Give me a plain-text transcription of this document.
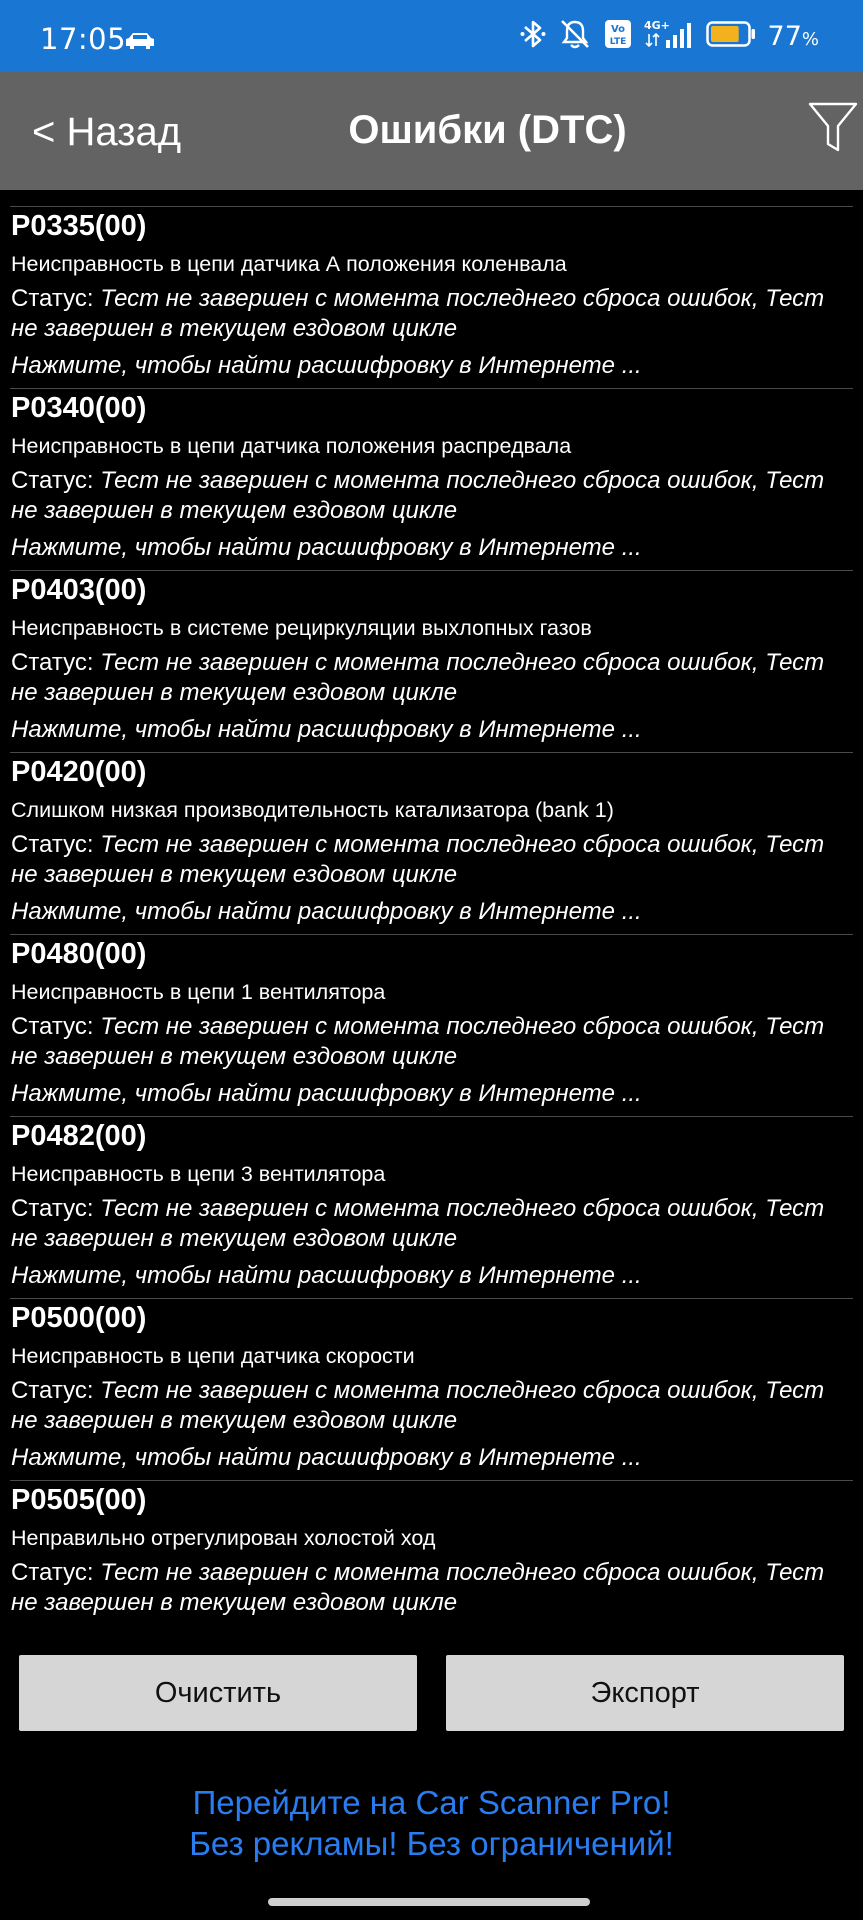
17:05	Vo
LTE
4G+	77%
< Назад	Ошибки (DTC)
P0335(00)
Неисправность в цепи датчика А положения коленвала
Статус: Тест не завершен с момента последнего сброса ошибок, Тест не завершен в текущем ездовом цикле
Нажмите, чтобы найти расшифровку в Интернете ...
P0340(00)
Неисправность в цепи датчика положения распредвала
Статус: Тест не завершен с момента последнего сброса ошибок, Тест не завершен в текущем ездовом цикле
Нажмите, чтобы найти расшифровку в Интернете ...
P0403(00)
Неисправность в системе рециркуляции выхлопных газов
Статус: Тест не завершен с момента последнего сброса ошибок, Тест не завершен в текущем ездовом цикле
Нажмите, чтобы найти расшифровку в Интернете ...
P0420(00)
Слишком низкая производительность катализатора (bank 1)
Статус: Тест не завершен с момента последнего сброса ошибок, Тест не завершен в текущем ездовом цикле
Нажмите, чтобы найти расшифровку в Интернете ...
P0480(00)
Неисправность в цепи 1 вентилятора
Статус: Тест не завершен с момента последнего сброса ошибок, Тест не завершен в текущем ездовом цикле
Нажмите, чтобы найти расшифровку в Интернете ...
P0482(00)
Неисправность в цепи 3 вентилятора
Статус: Тест не завершен с момента последнего сброса ошибок, Тест не завершен в текущем ездовом цикле
Нажмите, чтобы найти расшифровку в Интернете ...
P0500(00)
Неисправность в цепи датчика скорости
Статус: Тест не завершен с момента последнего сброса ошибок, Тест не завершен в текущем ездовом цикле
Нажмите, чтобы найти расшифровку в Интернете ...
P0505(00)
Неправильно отрегулирован холостой ход
Статус: Тест не завершен с момента последнего сброса ошибок, Тест не завершен в текущем ездовом цикле
Очистить	Экспорт
Перейдите на Car Scanner Pro!
Без рекламы! Без ограничений!
